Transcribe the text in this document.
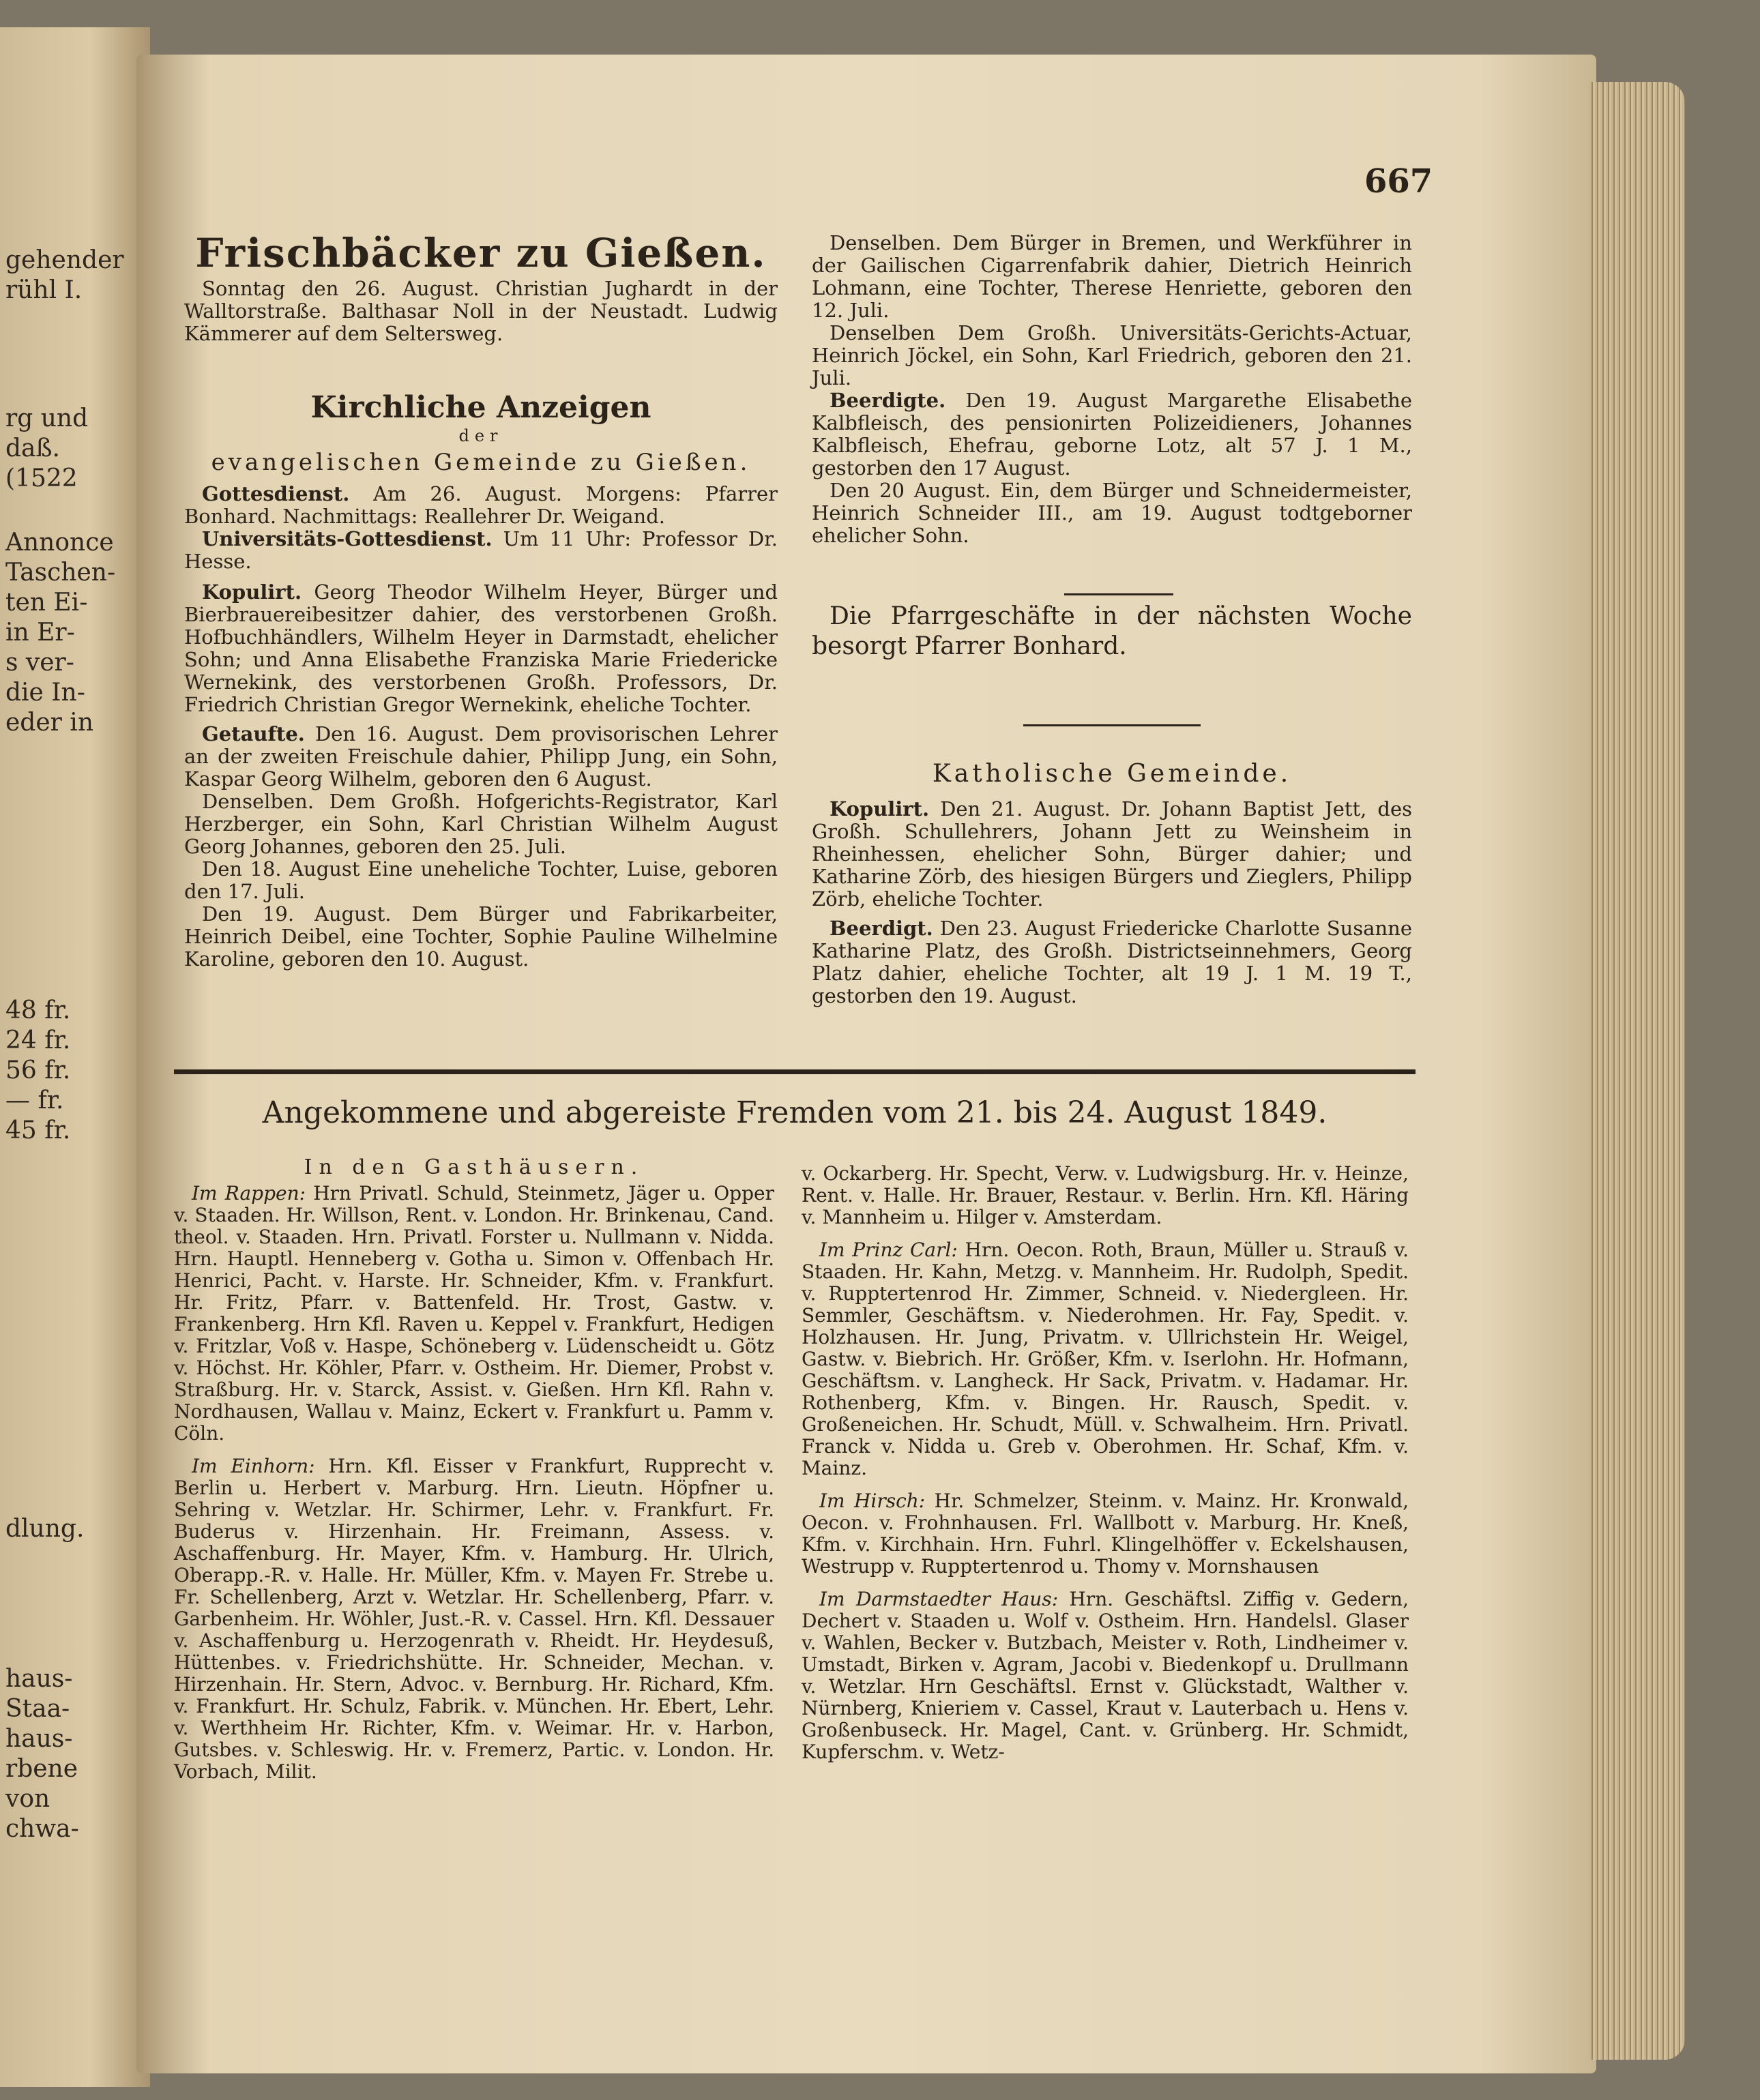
gehender
rühl I.
rg und
daß.
(1522
Annonce
Taschen-
ten Ei-
in Er-
s ver-
die In-
eder in
48 fr.
24 fr.
56 fr.
— fr.
45 fr.
dlung.
haus-
Staa-
haus-
rbene
von
chwa-
667
Frischbäcker zu Gießen.

Sonntag den 26. August. Christian Jughardt in der Walltorstraße. Balthasar Noll in der Neustadt. Ludwig Kämmerer auf dem Seltersweg.

Kirchliche Anzeigen
der
evangelischen Gemeinde zu Gießen.

Gottesdienst. Am 26. August. Morgens: Pfarrer Bonhard. Nachmittags: Reallehrer Dr. Weigand.

Universitäts-Gottesdienst. Um 11 Uhr: Professor Dr. Hesse.

Kopulirt. Georg Theodor Wilhelm Heyer, Bürger und Bierbrauereibesitzer dahier, des verstorbenen Großh. Hofbuchhändlers, Wilhelm Heyer in Darmstadt, ehelicher Sohn; und Anna Elisabethe Franziska Marie Friedericke Wernekink, des verstorbenen Großh. Professors, Dr. Friedrich Christian Gregor Wernekink, eheliche Tochter.

Getaufte. Den 16. August. Dem provisorischen Lehrer an der zweiten Freischule dahier, Philipp Jung, ein Sohn, Kaspar Georg Wilhelm, geboren den 6 August.

Denselben. Dem Großh. Hofgerichts-Registrator, Karl Herzberger, ein Sohn, Karl Christian Wilhelm August Georg Johannes, geboren den 25. Juli.

Den 18. August Eine uneheliche Tochter, Luise, geboren den 17. Juli.

Den 19. August. Dem Bürger und Fabrikarbeiter, Heinrich Deibel, eine Tochter, Sophie Pauline Wilhelmine Karoline, geboren den 10. August.

Denselben. Dem Bürger in Bremen, und Werkführer in der Gailischen Cigarrenfabrik dahier, Dietrich Heinrich Lohmann, eine Tochter, Therese Henriette, geboren den 12. Juli.

Denselben Dem Großh. Universitäts-Gerichts-Actuar, Heinrich Jöckel, ein Sohn, Karl Friedrich, geboren den 21. Juli.

Beerdigte. Den 19. August Margarethe Elisabethe Kalbfleisch, des pensionirten Polizeidieners, Johannes Kalbfleisch, Ehefrau, geborne Lotz, alt 57 J. 1 M., gestorben den 17 August.

Den 20 August. Ein, dem Bürger und Schneidermeister, Heinrich Schneider III., am 19. August todtgeborner ehelicher Sohn.

Die Pfarrgeschäfte in der nächsten Woche besorgt Pfarrer Bonhard.

Katholische Gemeinde.

Kopulirt. Den 21. August. Dr. Johann Baptist Jett, des Großh. Schullehrers, Johann Jett zu Weinsheim in Rheinhessen, ehelicher Sohn, Bürger dahier; und Katharine Zörb, des hiesigen Bürgers und Zieglers, Philipp Zörb, eheliche Tochter.

Beerdigt. Den 23. August Friedericke Charlotte Susanne Katharine Platz, des Großh. Districtseinnehmers, Georg Platz dahier, eheliche Tochter, alt 19 J. 1 M. 19 T., gestorben den 19. August.

Angekommene und abgereiste Fremden vom 21. bis 24. August 1849.
In den Gasthäusern.

Im Rappen: Hrn Privatl. Schuld, Steinmetz, Jäger u. Opper v. Staaden. Hr. Willson, Rent. v. London. Hr. Brinkenau, Cand. theol. v. Staaden. Hrn. Privatl. Forster u. Nullmann v. Nidda. Hrn. Hauptl. Henneberg v. Gotha u. Simon v. Offenbach Hr. Henrici, Pacht. v. Harste. Hr. Schneider, Kfm. v. Frankfurt. Hr. Fritz, Pfarr. v. Battenfeld. Hr. Trost, Gastw. v. Frankenberg. Hrn Kfl. Raven u. Keppel v. Frankfurt, Hedigen v. Fritzlar, Voß v. Haspe, Schöneberg v. Lüdenscheidt u. Götz v. Höchst. Hr. Köhler, Pfarr. v. Ostheim. Hr. Diemer, Probst v. Straßburg. Hr. v. Starck, Assist. v. Gießen. Hrn Kfl. Rahn v. Nordhausen, Wallau v. Mainz, Eckert v. Frankfurt u. Pamm v. Cöln.

Im Einhorn: Hrn. Kfl. Eisser v Frankfurt, Rupprecht v. Berlin u. Herbert v. Marburg. Hrn. Lieutn. Höpfner u. Sehring v. Wetzlar. Hr. Schirmer, Lehr. v. Frankfurt. Fr. Buderus v. Hirzenhain. Hr. Freimann, Assess. v. Aschaffenburg. Hr. Mayer, Kfm. v. Hamburg. Hr. Ulrich, Oberapp.-R. v. Halle. Hr. Müller, Kfm. v. Mayen Fr. Strebe u. Fr. Schellenberg, Arzt v. Wetzlar. Hr. Schellenberg, Pfarr. v. Garbenheim. Hr. Wöhler, Just.-R. v. Cassel. Hrn. Kfl. Dessauer v. Aschaffenburg u. Herzogenrath v. Rheidt. Hr. Heydesuß, Hüttenbes. v. Friedrichshütte. Hr. Schneider, Mechan. v. Hirzenhain. Hr. Stern, Advoc. v. Bernburg. Hr. Richard, Kfm. v. Frankfurt. Hr. Schulz, Fabrik. v. München. Hr. Ebert, Lehr. v. Werthheim Hr. Richter, Kfm. v. Weimar. Hr. v. Harbon, Gutsbes. v. Schleswig. Hr. v. Fremerz, Partic. v. London. Hr. Vorbach, Milit.

v. Ockarberg. Hr. Specht, Verw. v. Ludwigsburg. Hr. v. Heinze, Rent. v. Halle. Hr. Brauer, Restaur. v. Berlin. Hrn. Kfl. Häring v. Mannheim u. Hilger v. Amsterdam.

Im Prinz Carl: Hrn. Oecon. Roth, Braun, Müller u. Strauß v. Staaden. Hr. Kahn, Metzg. v. Mannheim. Hr. Rudolph, Spedit. v. Rupptertenrod Hr. Zimmer, Schneid. v. Niedergleen. Hr. Semmler, Geschäftsm. v. Niederohmen. Hr. Fay, Spedit. v. Holzhausen. Hr. Jung, Privatm. v. Ullrichstein Hr. Weigel, Gastw. v. Biebrich. Hr. Größer, Kfm. v. Iserlohn. Hr. Hofmann, Geschäftsm. v. Langheck. Hr Sack, Privatm. v. Hadamar. Hr. Rothenberg, Kfm. v. Bingen. Hr. Rausch, Spedit. v. Großeneichen. Hr. Schudt, Müll. v. Schwalheim. Hrn. Privatl. Franck v. Nidda u. Greb v. Oberohmen. Hr. Schaf, Kfm. v. Mainz.

Im Hirsch: Hr. Schmelzer, Steinm. v. Mainz. Hr. Kronwald, Oecon. v. Frohnhausen. Frl. Wallbott v. Marburg. Hr. Kneß, Kfm. v. Kirchhain. Hrn. Fuhrl. Klingelhöffer v. Eckelshausen, Westrupp v. Rupptertenrod u. Thomy v. Mornshausen

Im Darmstaedter Haus: Hrn. Geschäftsl. Ziffig v. Gedern, Dechert v. Staaden u. Wolf v. Ostheim. Hrn. Handelsl. Glaser v. Wahlen, Becker v. Butzbach, Meister v. Roth, Lindheimer v. Umstadt, Birken v. Agram, Jacobi v. Biedenkopf u. Drullmann v. Wetzlar. Hrn Geschäftsl. Ernst v. Glückstadt, Walther v. Nürnberg, Knieriem v. Cassel, Kraut v. Lauterbach u. Hens v. Großenbuseck. Hr. Magel, Cant. v. Grünberg. Hr. Schmidt, Kupferschm. v. Wetz-
